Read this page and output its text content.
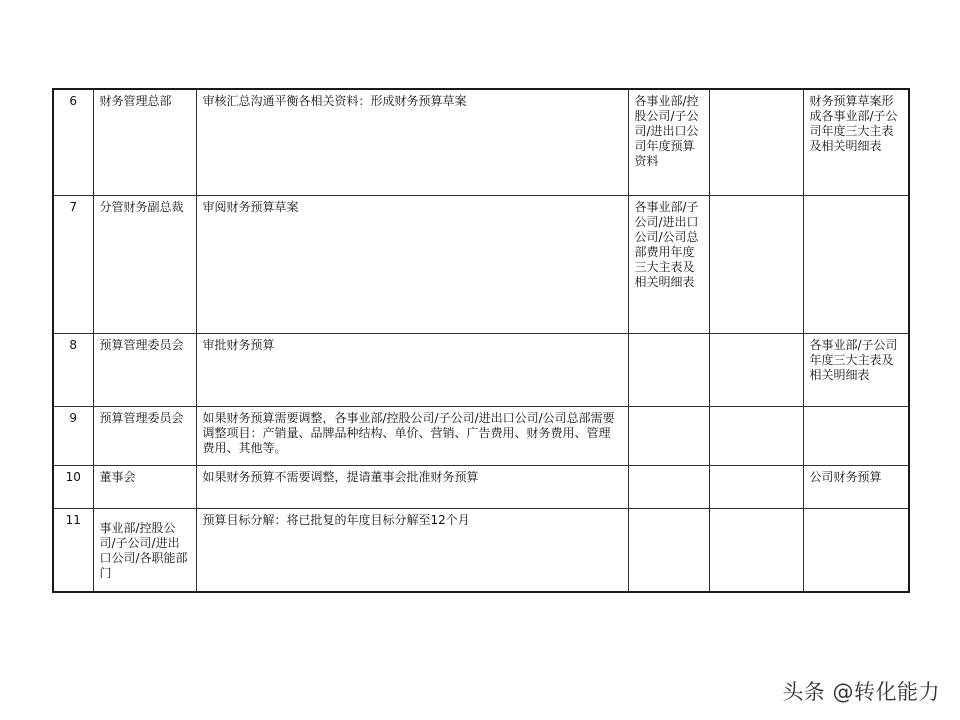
6	财务管理总部	审核汇总沟通平衡各相关资料：形成财务预算草案	各事业部/控股公司/子公司/进出口公司年度预算资料		财务预算草案形成各事业部/子公司年度三大主表及相关明细表
7	分管财务副总裁	审阅财务预算草案	各事业部/子公司/进出口公司/公司总部费用年度三大主表及相关明细表		
8	预算管理委员会	审批财务预算			各事业部/子公司年度三大主表及相关明细表
9	预算管理委员会	如果财务预算需要调整，各事业部/控股公司/子公司/进出口公司/公司总部需要调整项目：产销量、品牌品种结构、单价、营销、广告费用、财务费用、管理费用、其他等。			
10	董事会	如果财务预算不需要调整，提请董事会批准财务预算			公司财务预算
11	事业部/控股公司/子公司/进出口公司/各职能部门	预算目标分解：将已批复的年度目标分解至12个月			
头条 @转化能力
